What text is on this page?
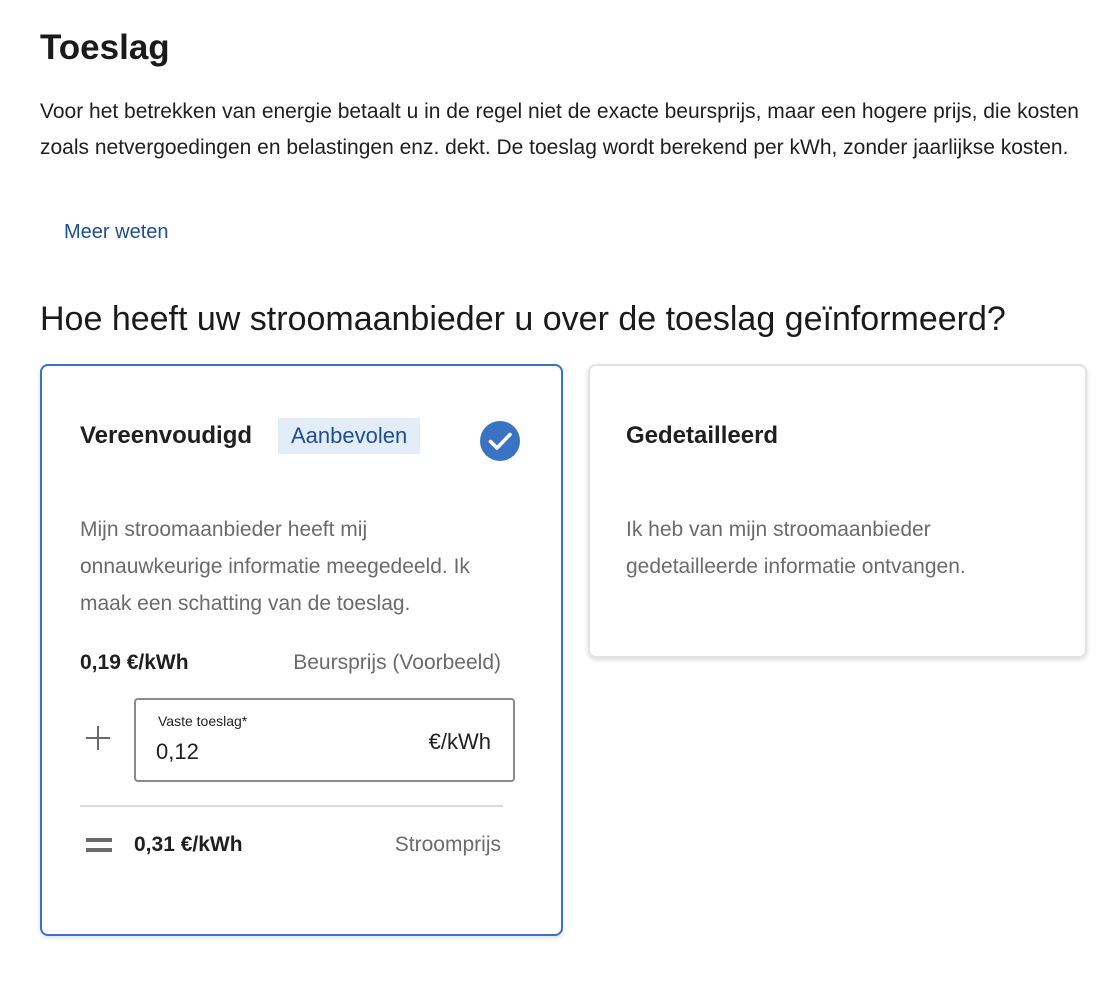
Toeslag

Voor het betrekken van energie betaalt u in de regel niet de exacte beursprijs, maar een hogere prijs, die kosten zoals netvergoedingen en belastingen enz. dekt. De toeslag wordt berekend per kWh, zonder jaarlijkse kosten.

Meer weten
Hoe heeft uw stroomaanbieder u over de toeslag geïnformeerd?
Vereenvoudigd	Aanbevolen

Mijn stroomaanbieder heeft mij onnauwkeurige informatie meegedeeld. Ik maak een schatting van de toeslag.

0,19 €/kWh	Beursprijs (Voorbeeld)
Vaste toeslag*
0,12
€/kWh
0,31 €/kWh	Stroomprijs
Gedetailleerd

Ik heb van mijn stroomaanbieder gedetailleerde informatie ontvangen.
